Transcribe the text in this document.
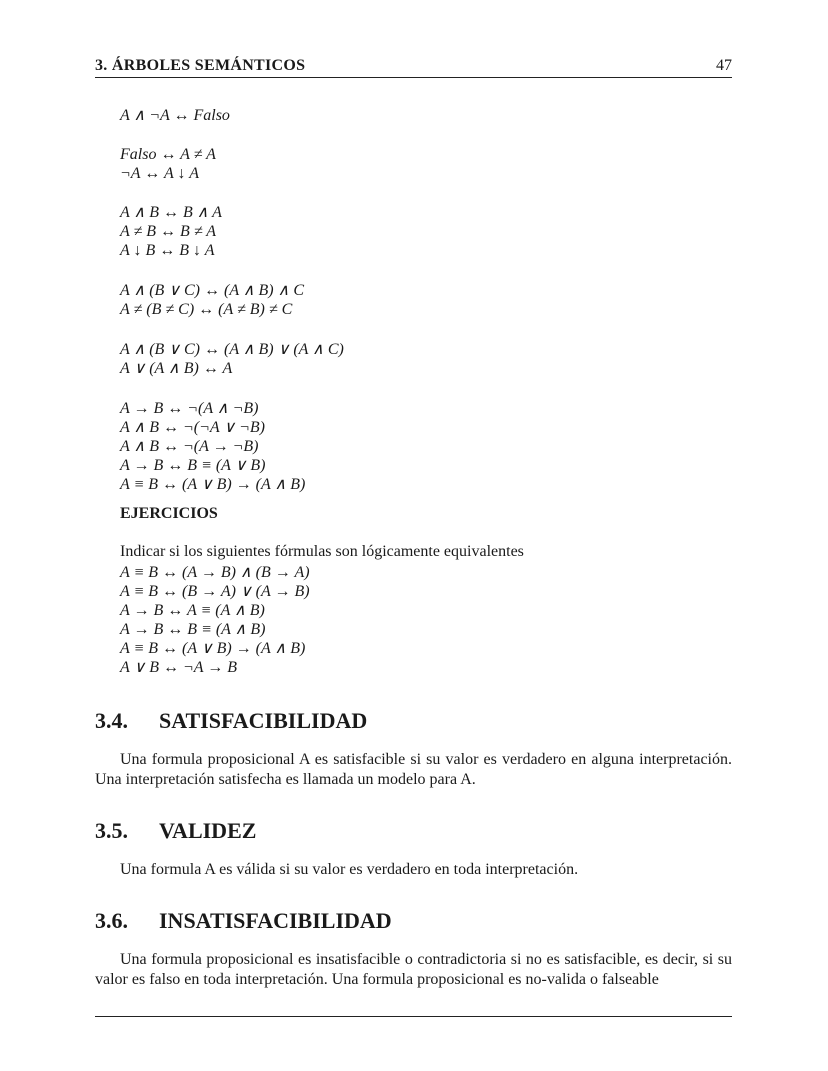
3. ÁRBOLES SEMÁNTICOS	47
A ∧ ¬A ↔ Falso
Falso ↔ A ≠ A
¬A ↔ A ↓ A
A ∧ B ↔ B ∧ A
A ≠ B ↔ B ≠ A
A ↓ B ↔ B ↓ A
A ∧ (B ∨ C) ↔ (A ∧ B) ∧ C
A ≠ (B ≠ C) ↔ (A ≠ B) ≠ C
A ∧ (B ∨ C) ↔ (A ∧ B) ∨ (A ∧ C)
A ∨ (A ∧ B) ↔ A
A → B ↔ ¬(A ∧ ¬B)
A ∧ B ↔ ¬(¬A ∨ ¬B)
A ∧ B ↔ ¬(A → ¬B)
A → B ↔ B ≡ (A ∨ B)
A ≡ B ↔ (A ∨ B) → (A ∧ B)
EJERCICIOS
Indicar si los siguientes fórmulas son lógicamente equivalentes
A ≡ B ↔ (A → B) ∧ (B → A)
A ≡ B ↔ (B → A) ∨ (A → B)
A → B ↔ A ≡ (A ∧ B)
A → B ↔ B ≡ (A ∧ B)
A ≡ B ↔ (A ∨ B) → (A ∧ B)
A ∨ B ↔ ¬A → B
3.4. SATISFACIBILIDAD
Una formula proposicional A es satisfacible si su valor es verdadero en alguna interpretación. Una interpretación satisfecha es llamada un modelo para A.
3.5. VALIDEZ
Una formula A es válida si su valor es verdadero en toda interpretación.
3.6. INSATISFACIBILIDAD
Una formula proposicional es insatisfacible o contradictoria si no es satisfacible, es decir, si su valor es falso en toda interpretación. Una formula proposicional es no-valida o falseable
